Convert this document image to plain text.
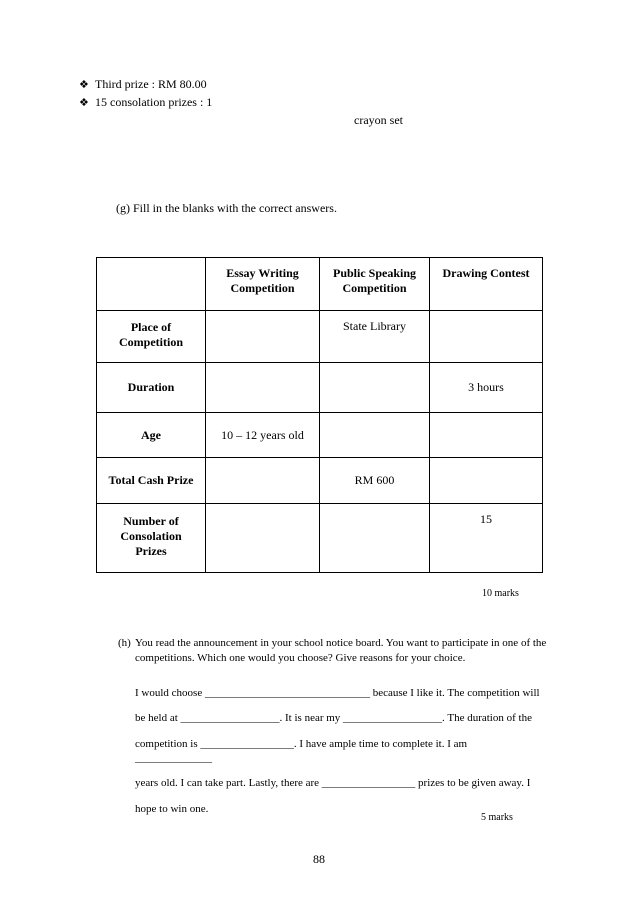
❖ Third prize : RM 80.00
❖ 15 consolation prizes : 1
crayon set
(g) Fill in the blanks with the correct answers.

	Essay Writing Competition	Public Speaking Competition	Drawing Contest

Place of Competition		State Library	

Duration			3 hours
Age	10 – 12 years old		
Total Cash Prize		RM 600	

Number of Consolation Prizes			15
10 marks
(h) You read the announcement in your school notice board. You want to participate in one of the
competitions. Which one would you choose? Give reasons for your choice.
I would choose ______________________________ because I like it. The competition will
be held at __________________. It is near my __________________. The duration of the
competition is _________________. I have ample time to complete it. I am
______________
years old. I can take part. Lastly, there are _________________ prizes to be given away. I
hope to win one.
5 marks
88
